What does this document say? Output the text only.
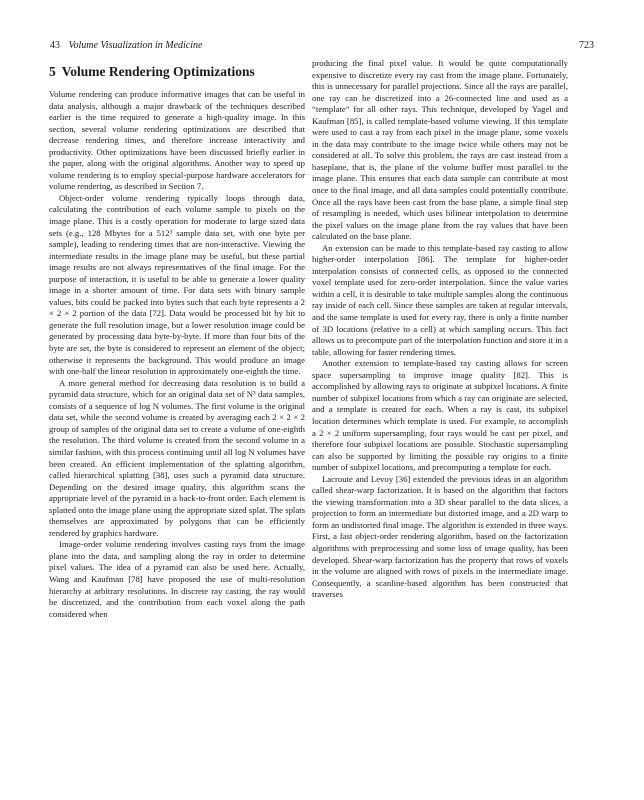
43 Volume Visualization in Medicine	723
5 Volume Rendering Optimizations

Volume rendering can produce informative images that can be useful in data analysis, although a major drawback of the techniques described earlier is the time required to generate a high-quality image. In this section, several volume rendering optimizations are described that decrease rendering times, and therefore increase interactivity and productivity. Other optimizations have been discussed briefly earlier in the paper, along with the original algorithms. Another way to speed up volume rendering is to employ special-purpose hardware accelerators for volume rendering, as described in Section 7.

Object-order volume rendering typically loops through data, calculating the contribution of each volume sample to pixels on the image plane. This is a costly operation for moderate to large sized data sets (e.g., 128 Mbytes for a 512³ sample data set, with one byte per sample), leading to rendering times that are non-interactive. Viewing the intermediate results in the image plane may be useful, but these partial image results are not always representatives of the final image. For the purpose of interaction, it is useful to be able to generate a lower quality image in a shorter amount of time. For data sets with binary sample values, bits could be packed into bytes such that each byte represents a 2 × 2 × 2 portion of the data [72]. Data would be processed bit by bit to generate the full resolution image, but a lower resolution image could be generated by processing data byte-by-byte. If more than four bits of the byte are set, the byte is considered to represent an element of the object; otherwise it represents the background. This would produce an image with one-half the linear resolution in approximately one-eighth the time.

A more general method for decreasing data resolution is to build a pyramid data structure, which for an original data set of N³ data samples, consists of a sequence of log N volumes. The first volume is the original data set, while the second volume is created by averaging each 2 × 2 × 2 group of samples of the original data set to create a volume of one-eighth the resolution. The third volume is created from the second volume in a similar fashion, with this process continuing until all log N volumes have been created. An efficient implementation of the splatting algorithm, called hierarchical splatting [38], uses such a pyramid data structure. Depending on the desired image quality, this algorithm scans the appropriate level of the pyramid in a back-to-front order. Each element is splatted onto the image plane using the appropriate sized splat. The splats themselves are approximated by polygons that can be efficiently rendered by graphics hardware.

Image-order volume rendering involves casting rays from the image plane into the data, and sampling along the ray in order to determine pixel values. The idea of a pyramid can also be used here. Actually, Wang and Kaufman [78] have proposed the use of multi-resolution hierarchy at arbitrary resolutions. In discrete ray casting, the ray would be discretized, and the contribution from each voxel along the path considered when

producing the final pixel value. It would be quite computationally expensive to discretize every ray cast from the image plane. Fortunately, this is unnecessary for parallel projections. Since all the rays are parallel, one ray can be discretized into a 26-connected line and used as a “template” for all other rays. This technique, developed by Yagel and Kaufman [85], is called template-based volume viewing. If this template were used to cast a ray from each pixel in the image plane, some voxels in the data may contribute to the image twice while others may not be considered at all. To solve this problem, the rays are cast instead from a baseplane, that is, the plane of the volume buffer most parallel to the image plane. This ensures that each data sample can contribute at most once to the final image, and all data samples could potentially contribute. Once all the rays have been cast from the base plane, a simple final step of resampling is needed, which uses bilinear interpolation to determine the pixel values on the image plane from the ray values that have been calculated on the base plane.

An extension can be made to this template-based ray casting to allow higher-order interpolation [86]. The template for higher-order interpolation consists of connected cells, as opposed to the connected voxel template used for zero-order interpolation. Since the value varies within a cell, it is desirable to take multiple samples along the continuous ray inside of each cell. Since these samples are taken at regular intervals, and the same template is used for every ray, there is only a finite number of 3D locations (relative to a cell) at which sampling occurs. This fact allows us to precompute part of the interpolation function and store it in a table, allowing for faster rendering times.

Another extension to template-based ray casting allows for screen space supersampling to improve image quality [82]. This is accomplished by allowing rays to originate at subpixel locations. A finite number of subpixel locations from which a ray can originate are selected, and a template is created for each. When a ray is cast, its subpixel location determines which template is used. For example, to accomplish a 2 × 2 uniform supersampling, four rays would be cast per pixel, and therefore four subpixel locations are possible. Stochastic supersampling can also be supported by limiting the possible ray origins to a finite number of subpixel locations, and precomputing a template for each.

Lacroute and Levoy [36] extended the previous ideas in an algorithm called shear-warp factorization. It is based on the algorithm that factors the viewing transformation into a 3D shear parallel to the data slices, a projection to form an intermediate but distorted image, and a 2D warp to form an undistorted final image. The algorithm is extended in three ways. First, a fast object-order rendering algorithm, based on the factorization algorithms with preprocessing and some loss of image quality, has been developed. Shear-warp factorization has the property that rows of voxels in the volume are aligned with rows of pixels in the intermediate image. Consequently, a scanline-based algorithm has been constructed that traverses
